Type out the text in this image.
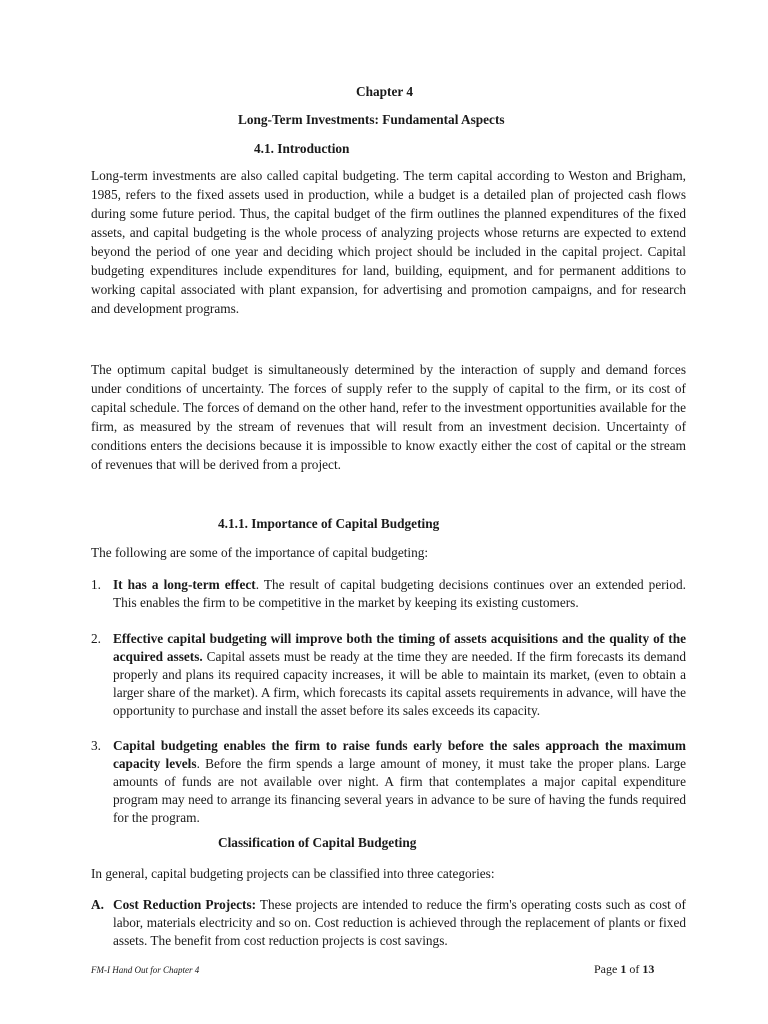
Chapter 4
Long-Term Investments: Fundamental Aspects
4.1. Introduction

Long-term investments are also called capital budgeting. The term capital according to Weston and Brigham, 1985, refers to the fixed assets used in production, while a budget is a detailed plan of projected cash flows during some future period. Thus, the capital budget of the firm outlines the planned expenditures of the fixed assets, and capital budgeting is the whole process of analyzing projects whose returns are expected to extend beyond the period of one year and deciding which project should be included in the capital project. Capital budgeting expenditures include expenditures for land, building, equipment, and for permanent additions to working capital associated with plant expansion, for advertising and promotion campaigns, and for research and development programs.

The optimum capital budget is simultaneously determined by the interaction of supply and demand forces under conditions of uncertainty. The forces of supply refer to the supply of capital to the firm, or its cost of capital schedule. The forces of demand on the other hand, refer to the investment opportunities available for the firm, as measured by the stream of revenues that will result from an investment decision. Uncertainty of conditions enters the decisions because it is impossible to know exactly either the cost of capital or the stream of revenues that will be derived from a project.

4.1.1. Importance of Capital Budgeting
The following are some of the importance of capital budgeting:
1. It has a long-term effect. The result of capital budgeting decisions continues over an extended period. This enables the firm to be competitive in the market by keeping its existing customers.
2. Effective capital budgeting will improve both the timing of assets acquisitions and the quality of the acquired assets. Capital assets must be ready at the time they are needed. If the firm forecasts its demand properly and plans its required capacity increases, it will be able to maintain its market, (even to obtain a larger share of the market). A firm, which forecasts its capital assets requirements in advance, will have the opportunity to purchase and install the asset before its sales exceeds its capacity.
3. Capital budgeting enables the firm to raise funds early before the sales approach the maximum capacity levels. Before the firm spends a large amount of money, it must take the proper plans. Large amounts of funds are not available over night. A firm that contemplates a major capital expenditure program may need to arrange its financing several years in advance to be sure of having the funds required for the program.
Classification of Capital Budgeting
In general, capital budgeting projects can be classified into three categories:
A. Cost Reduction Projects: These projects are intended to reduce the firm's operating costs such as cost of labor, materials electricity and so on. Cost reduction is achieved through the replacement of plants or fixed assets. The benefit from cost reduction projects is cost savings.
FM-I Hand Out for Chapter 4	Page 1 of 13
